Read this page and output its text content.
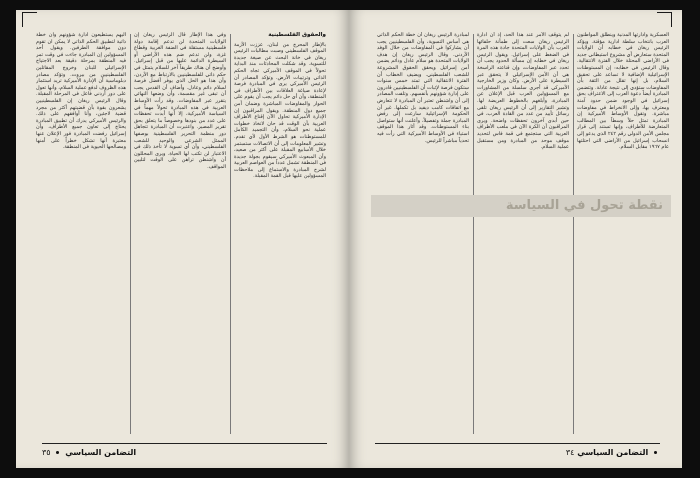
والحقوق الفلسطينية

بالإطار المحرج من لبنان، عززت الأزمة الموقف الفلسطيني وصبت مطالبات الرئيس ريغان في خانة البحث عن صيغة جديدة للتسوية. وقد شكلت المحادثات منذ البداية تحولاً في الموقف الأميركي تجاه الحكم الذاتي وترتيبات الأرض. وتؤكد المصادر أن الرئيس الأميركي يرى في المبادرة فرصة لإعادة صياغة العلاقات بين الأطراف في المنطقة، وأن أي حل دائم يجب أن يقوم على الحوار والمفاوضات المباشرة وضمان أمن جميع دول المنطقة. ويقول المراقبون إن الإدارة الأميركية تحاول الآن إقناع الأطراف العربية بأن الوقت قد حان لاتخاذ خطوات عملية نحو السلام، وأن التجميد الكامل للمستوطنات هو الشرط الأول لأي تقدم. وتشير المعلومات إلى أن الاتصالات ستستمر خلال الأسابيع المقبلة على أكثر من صعيد، وأن المبعوث الأميركي سيقوم بجولة جديدة في المنطقة تشمل عدداً من العواصم العربية لشرح المبادرة والاستماع إلى ملاحظات المسؤولين عليها قبل القمة المقبلة.

وفي هذا الإطار قال الرئيس ريغان إن الولايات المتحدة لن تدعم إقامة دولة فلسطينية مستقلة في الضفة الغربية وقطاع غزة، ولن تدعم ضم هذه الأراضي أو السيطرة الدائمة عليها من قبل إسرائيل. وأوضح أن هناك طريقاً آخر للسلام يتمثل في حكم ذاتي للفلسطينيين بالارتباط مع الأردن، وأن هذا هو الحل الذي يوفر أفضل فرصة لسلام دائم وعادل. وأضاف أن القدس يجب أن تبقى غير مقسمة، وأن وضعها النهائي يتقرر عبر المفاوضات. وقد رأت الأوساط العربية في هذه المبادرة تحولاً مهماً في السياسة الأميركية، إلا أنها أبدت تحفظات على عدد من بنودها وخصوصاً ما يتعلق بحق تقرير المصير. واعتبرت أن المبادرة تتجاهل دور منظمة التحرير الفلسطينية بوصفها الممثل الشرعي والوحيد للشعب الفلسطيني، وأن أي تسوية لا تأخذ ذلك في الاعتبار لن تكتب لها الحياة. ويرى المحللون أن واشنطن تراهن على الوقت لتليين المواقف.

اليهم يستطيعون ادارة شؤونهم وان خطة ذاتية لتطبيق الحكم الذاتي لا يمكن ان تقوم دون موافقة الطرفين. ويقول أحد المسؤولين إن المبادرة جاءت في وقت تمر فيه المنطقة بمرحلة دقيقة بعد الاجتياح الإسرائيلي للبنان وخروج المقاتلين الفلسطينيين من بيروت. وتؤكد مصادر دبلوماسية أن الإدارة الأميركية تريد استثمار هذه الظروف لدفع عملية السلام، وأنها تعول على دور أردني فاعل في المرحلة المقبلة. وقال الرئيس ريغان إن الفلسطينيين يشعرون بقوة بأن قضيتهم أكثر من مجرد قضية لاجئين، وأنا أوافقهم على ذلك. والرئيس الأميركي يدرك أن تطبيق المبادرة يحتاج إلى تعاون جميع الأطراف، وأن إسرائيل رفضت المبادرة فور الإعلان عنها معتبرة أنها تشكل خطراً على أمنها ومصالحها الحيوية في المنطقة.

التضامن السياسي  ٣٥

العسكرية وادارتها المدنية وينطلق المواطنون العرب بانتخاب سلطة ادارية مؤقتة. ويؤكد الرئيس ريغان في خطابه أن الولايات المتحدة ستعارض أي مشروع استيطاني جديد في الأراضي المحتلة خلال الفترة الانتقالية. وقال الرئيس في خطابه: إن المستوطنات الإسرائيلية الإضافية لا تساعد على تحقيق السلام، بل إنها تقلل من الثقة بأن المفاوضات ستؤدي إلى نتيجة عادلة. وتتضمن المبادرة أيضاً دعوة العرب إلى الاعتراف بحق إسرائيل في الوجود ضمن حدود آمنة ومعترف بها، وإلى الانخراط في مفاوضات مباشرة. وتقول الأوساط الأميركية إن المبادرة تمثل حلاً وسطاً بين المطالب المتعارضة للأطراف، وإنها تستند إلى قرار مجلس الأمن الدولي رقم ٢٤٢ الذي يدعو إلى انسحاب إسرائيل من الأراضي التي احتلتها عام ١٩٦٧ مقابل السلام.

لم يتوقف الأمر عند هذا الحد، إذ أن ادارة الرئيس ريغان سعت إلى طمأنة حلفائها العرب بأن الولايات المتحدة جادة هذه المرة في الضغط على إسرائيل. ويقول الرئيس ريغان في خطابه إن مسألة الحدود يجب أن تحدد عبر المفاوضات، وإن قناعته الراسخة هي أن الأمن الإسرائيلي لا يتحقق عبر السيطرة على الأرض. وكان وزير الخارجية الأميركي قد أجرى سلسلة من المشاورات مع المسؤولين العرب قبل الإعلان عن المبادرة، وأبلغهم بالخطوط العريضة لها. وتشير التقارير إلى أن الرئيس ريغان تلقى رسائل تأييد من عدد من القادة العرب، في حين أبدى آخرون تحفظات واضحة. ويرى المراقبون أن الكرة الآن في ملعب الأطراف العربية التي ستجتمع في قمة فاس لتحديد موقف موحد من المبادرة ومن مستقبل عملية السلام.

لمبادرة الرئيس ريغان أن خطة الحكم الذاتي هي أساس التسوية، وأن الفلسطينيين يجب أن يشاركوا في المفاوضات من خلال الوفد الأردني. وقال الرئيس ريغان إن هدف الولايات المتحدة هو سلام عادل ودائم يضمن أمن إسرائيل ويحقق الحقوق المشروعة للشعب الفلسطيني. ويضيف الخطاب أن الفترة الانتقالية التي تمتد خمس سنوات ستكون فرصة لإثبات أن الفلسطينيين قادرون على إدارة شؤونهم بأنفسهم. وتلفت المصادر إلى أن واشنطن تعتبر أن المبادرة لا تتعارض مع اتفاقات كامب ديفيد بل تكملها. غير أن الحكومة الإسرائيلية سارعت إلى رفض المبادرة جملة وتفصيلاً، وأعلنت أنها ستواصل بناء المستوطنات. وقد أثار هذا الموقف استياء في الأوساط الأميركية التي رأت فيه تحدياً مباشراً للرئيس.

نقطة تحول في السياسة
التضامن السياسي ٣٤
